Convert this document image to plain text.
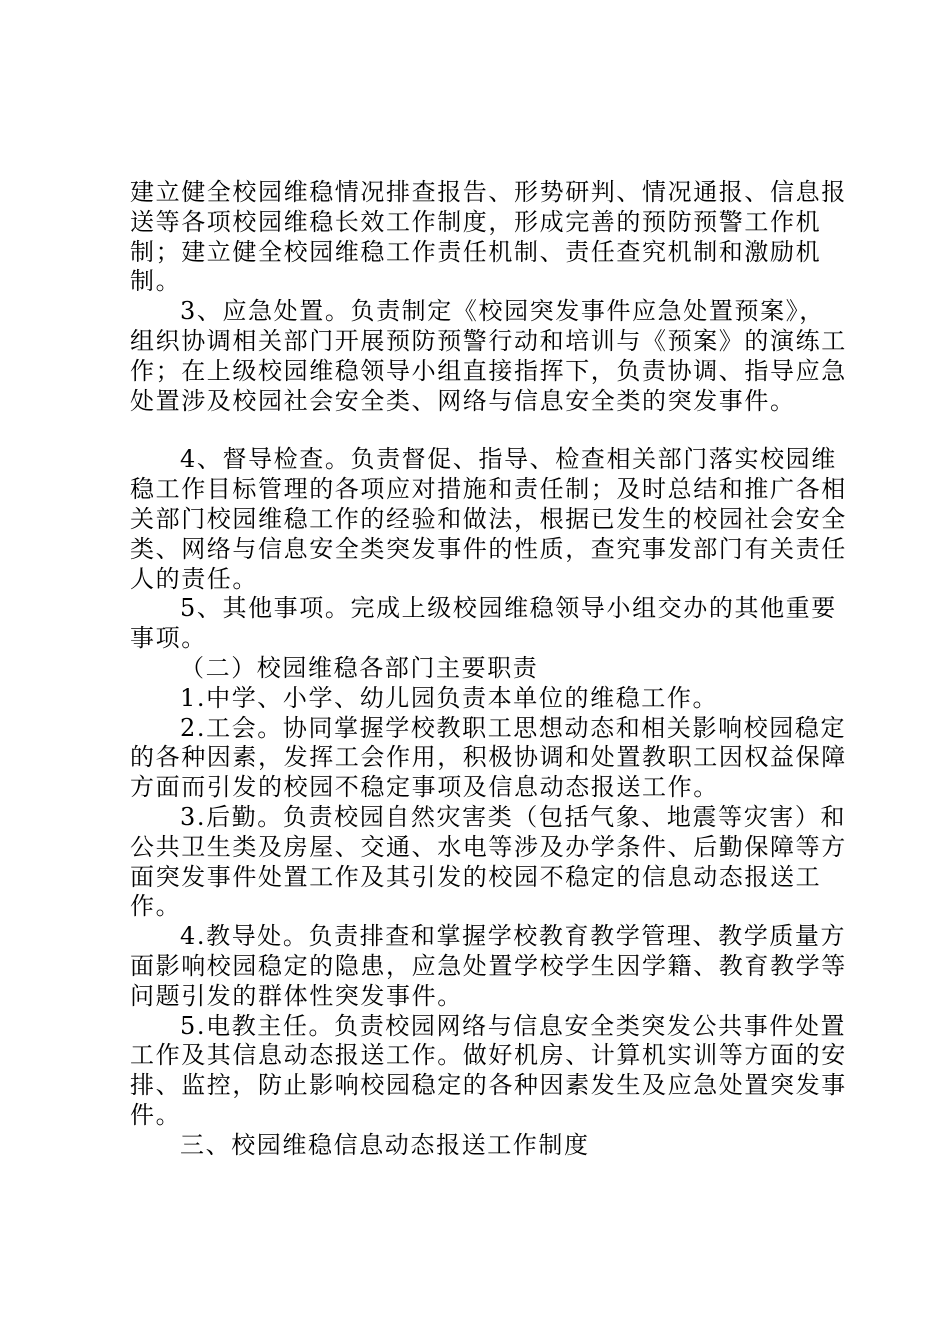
建立健全校园维稳情况排查报告、形势研判、情况通报、信息报送等各项校园维稳长效工作制度，形成完善的预防预警工作机制；建立健全校园维稳工作责任机制、责任查究机制和激励机制。

3、应急处置。负责制定《校园突发事件应急处置预案》，组织协调相关部门开展预防预警行动和培训与《预案》的演练工作；在上级校园维稳领导小组直接指挥下，负责协调、指导应急处置涉及校园社会安全类、网络与信息安全类的突发事件。

4、督导检查。负责督促、指导、检查相关部门落实校园维稳工作目标管理的各项应对措施和责任制；及时总结和推广各相关部门校园维稳工作的经验和做法，根据已发生的校园社会安全类、网络与信息安全类突发事件的性质，查究事发部门有关责任人的责任。

5、其他事项。完成上级校园维稳领导小组交办的其他重要事项。

（二）校园维稳各部门主要职责

1.中学、小学、幼儿园负责本单位的维稳工作。

2.工会。协同掌握学校教职工思想动态和相关影响校园稳定的各种因素，发挥工会作用，积极协调和处置教职工因权益保障方面而引发的校园不稳定事项及信息动态报送工作。

3.后勤。负责校园自然灾害类（包括气象、地震等灾害）和公共卫生类及房屋、交通、水电等涉及办学条件、后勤保障等方面突发事件处置工作及其引发的校园不稳定的信息动态报送工作。

4.教导处。负责排查和掌握学校教育教学管理、教学质量方面影响校园稳定的隐患，应急处置学校学生因学籍、教育教学等问题引发的群体性突发事件。

5.电教主任。负责校园网络与信息安全类突发公共事件处置工作及其信息动态报送工作。做好机房、计算机实训等方面的安排、监控，防止影响校园稳定的各种因素发生及应急处置突发事件。

三、校园维稳信息动态报送工作制度
